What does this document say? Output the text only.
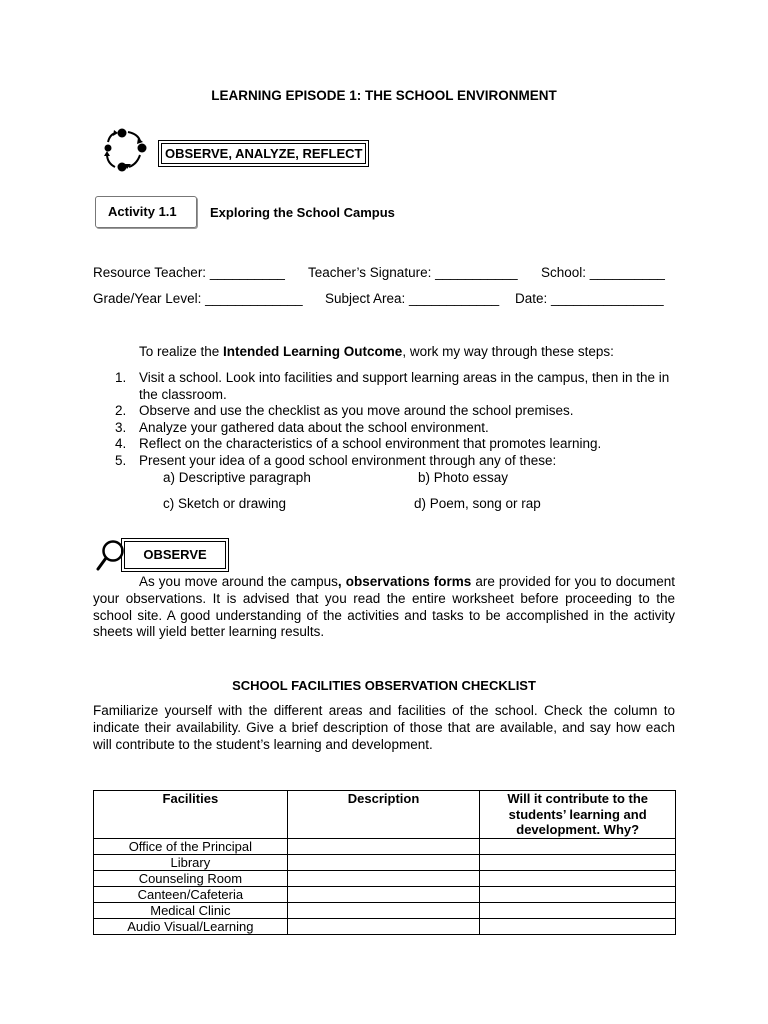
LEARNING EPISODE 1: THE SCHOOL ENVIRONMENT
OBSERVE, ANALYZE, REFLECT
Activity 1.1	Exploring the School Campus
Resource Teacher: __________ Teacher’s Signature: ___________ School: __________
Grade/Year Level: _____________ Subject Area: ____________ Date: _______________
To realize the Intended Learning Outcome, work my way through these steps:
1. Visit a school. Look into facilities and support learning areas in the campus, then in the in the classroom.
2. Observe and use the checklist as you move around the school premises.
3. Analyze your gathered data about the school environment.
4. Reflect on the characteristics of a school environment that promotes learning.
5. Present your idea of a good school environment through any of these:
a) Descriptive paragraph	b) Photo essay
c) Sketch or drawing	d) Poem, song or rap
OBSERVE
As you move around the campus, observations forms are provided for you to document your observations. It is advised that you read the entire worksheet before proceeding to the school site. A good understanding of the activities and tasks to be accomplished in the activity sheets will yield better learning results.
SCHOOL FACILITIES OBSERVATION CHECKLIST
Familiarize yourself with the different areas and facilities of the school. Check the column to indicate their availability. Give a brief description of those that are available, and say how each will contribute to the student’s learning and development.
Facilities	Description	Will it contribute to the students’ learning and development. Why?
Office of the Principal		
Library		
Counseling Room		
Canteen/Cafeteria		
Medical Clinic		
Audio Visual/Learning		
